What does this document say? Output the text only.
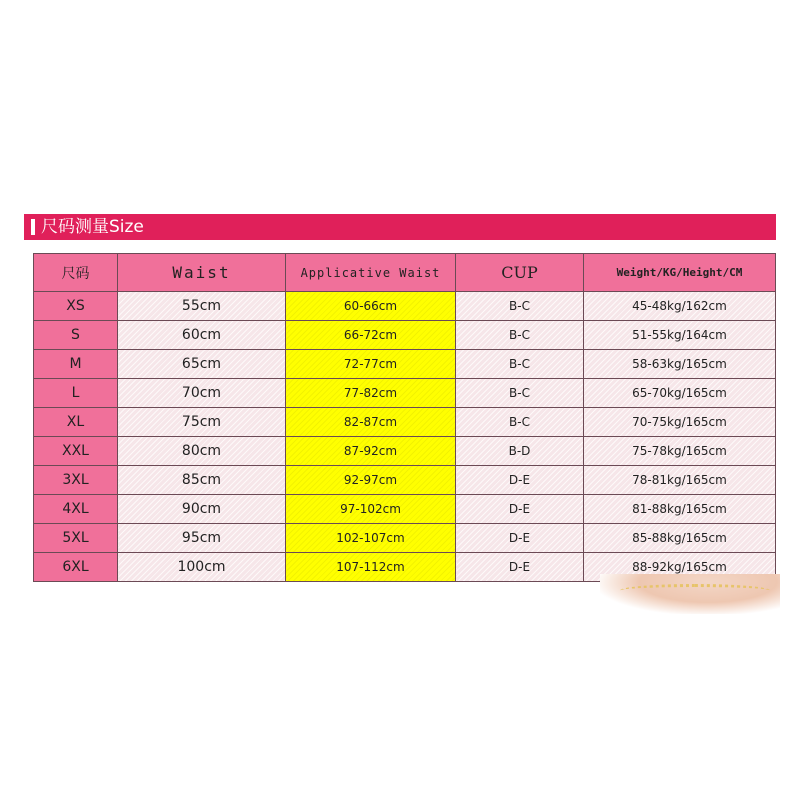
尺码测量Size
尺码	Waist	Applicative Waist	CUP	Weight/KG/Height/CM
XS	55cm	60-66cm	B-C	45-48kg/162cm
S	60cm	66-72cm	B-C	51-55kg/164cm
M	65cm	72-77cm	B-C	58-63kg/165cm
L	70cm	77-82cm	B-C	65-70kg/165cm
XL	75cm	82-87cm	B-C	70-75kg/165cm
XXL	80cm	87-92cm	B-D	75-78kg/165cm
3XL	85cm	92-97cm	D-E	78-81kg/165cm
4XL	90cm	97-102cm	D-E	81-88kg/165cm
5XL	95cm	102-107cm	D-E	85-88kg/165cm
6XL	100cm	107-112cm	D-E	88-92kg/165cm
